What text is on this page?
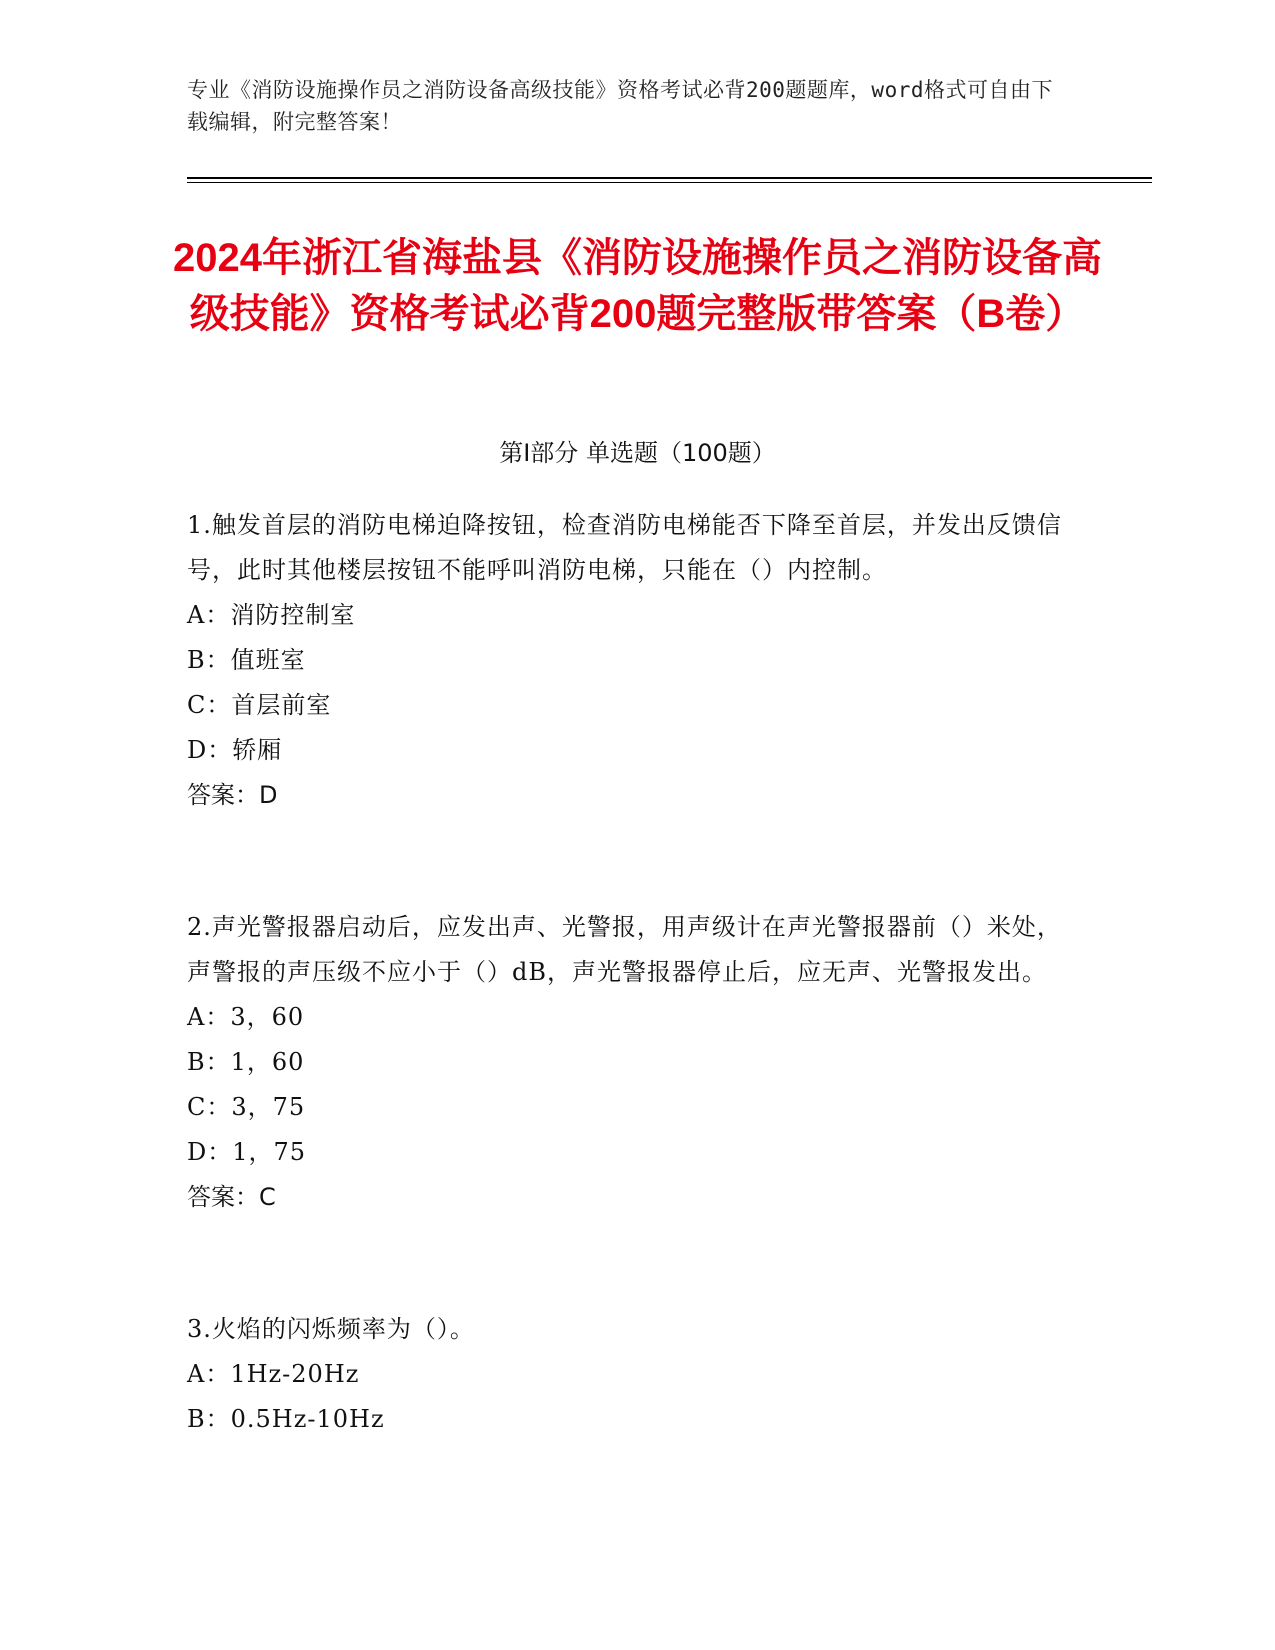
专业《消防设施操作员之消防设备高级技能》资格考试必背200题题库，word格式可自由下载编辑，附完整答案！
2024年浙江省海盐县《消防设施操作员之消防设备高级技能》资格考试必背200题完整版带答案（B卷）
第Ⅰ部分 单选题（100题）
1.触发首层的消防电梯迫降按钮，检查消防电梯能否下降至首层，并发出反馈信号，此时其他楼层按钮不能呼叫消防电梯，只能在（）内控制。
A：消防控制室
B：值班室
C：首层前室
D：轿厢
答案：D
2.声光警报器启动后，应发出声、光警报，用声级计在声光警报器前（）米处，声警报的声压级不应小于（）dB，声光警报器停止后，应无声、光警报发出。
A：3，60
B：1，60
C：3，75
D：1，75
答案：C
3.火焰的闪烁频率为（）。
A：1Hz-20Hz
B：0.5Hz-10Hz
